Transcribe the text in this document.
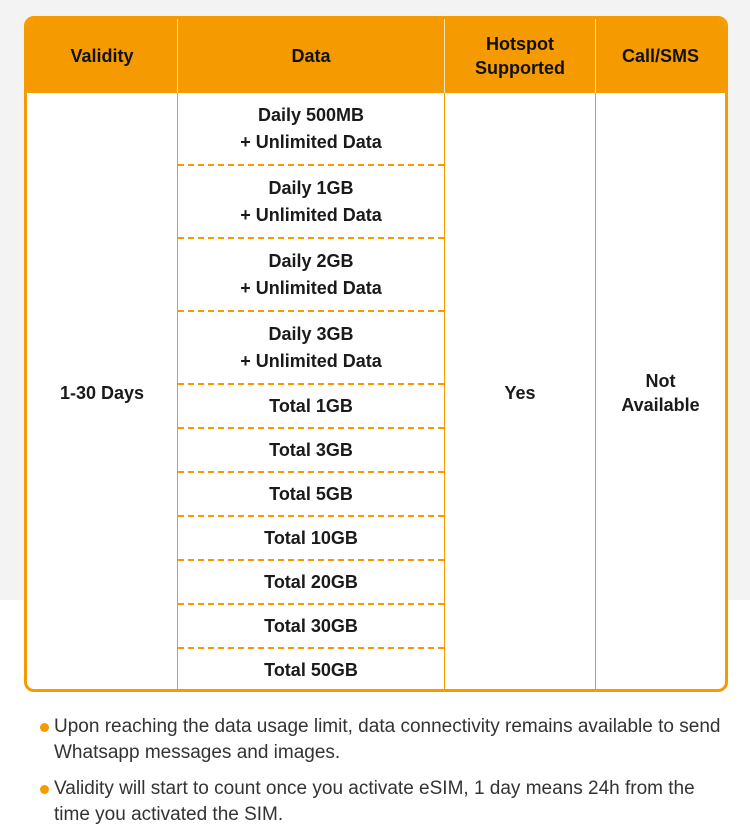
Validity	Data
Hotspot
Supported
Call/SMS
1-30 Days
Daily 500MB
+ Unlimited Data
Daily 1GB
+ Unlimited Data
Daily 2GB
+ Unlimited Data
Daily 3GB
+ Unlimited Data
Total 1GB
Total 3GB
Total 5GB
Total 10GB
Total 20GB
Total 30GB
Total 50GB
Yes
Not
Available
Upon reaching the data usage limit, data connectivity remains available to send Whatsapp messages and images.
Validity will start to count once you activate eSIM, 1 day means 24h from the time you activated the SIM.
